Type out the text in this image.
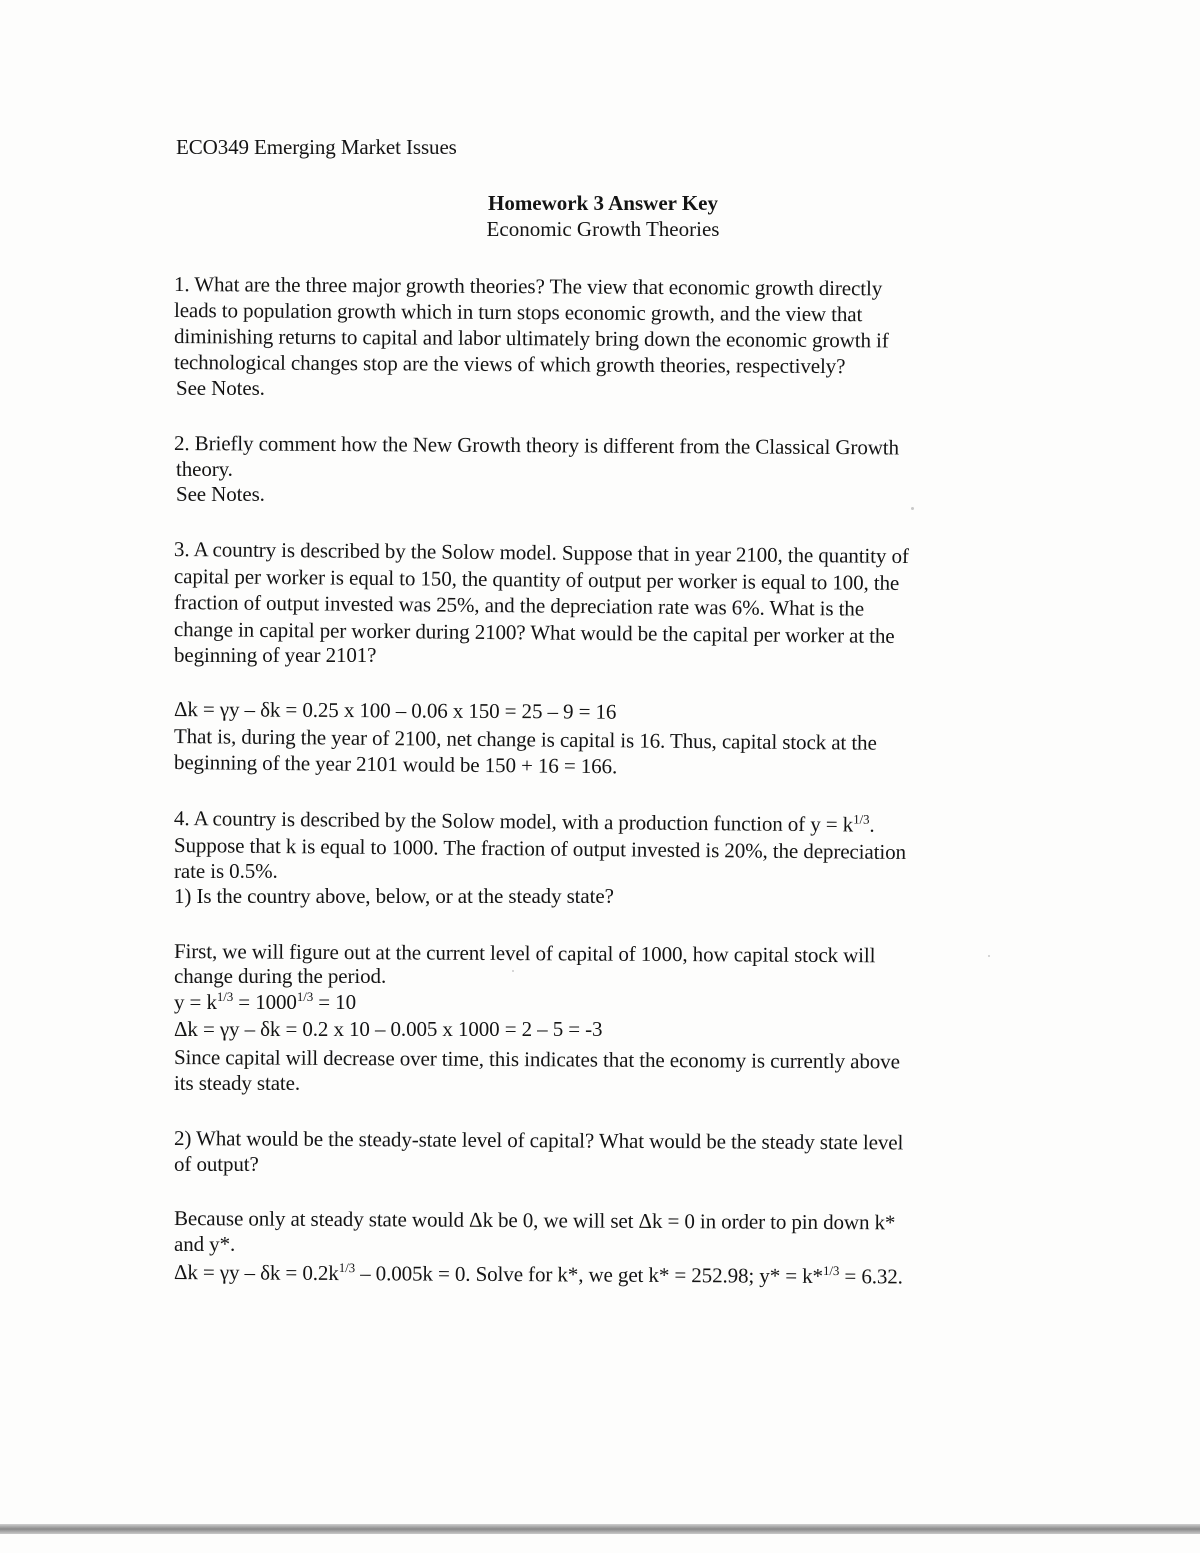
ECO349 Emerging Market Issues
Homework 3 Answer Key
Economic Growth Theories
1. What are the three major growth theories? The view that economic growth directly
leads to population growth which in turn stops economic growth, and the view that
diminishing returns to capital and labor ultimately bring down the economic growth if
technological changes stop are the views of which growth theories, respectively?
See Notes.
2. Briefly comment how the New Growth theory is different from the Classical Growth
theory.
See Notes.
3. A country is described by the Solow model. Suppose that in year 2100, the quantity of
capital per worker is equal to 150, the quantity of output per worker is equal to 100, the
fraction of output invested was 25%, and the depreciation rate was 6%. What is the
change in capital per worker during 2100? What would be the capital per worker at the
beginning of year 2101?
Δk = γy – δk = 0.25 x 100 – 0.06 x 150 = 25 – 9 = 16
That is, during the year of 2100, net change is capital is 16. Thus, capital stock at the
beginning of the year 2101 would be 150 + 16 = 166.
4. A country is described by the Solow model, with a production function of $y = k^{1/3}$.
Suppose that k is equal to 1000. The fraction of output invested is 20%, the depreciation
rate is 0.5%.
1) Is the country above, below, or at the steady state?
First, we will figure out at the current level of capital of 1000, how capital stock will
change during the period.
$y = k^{1/3} = 1000^{1/3} = 10$
Δk = γy – δk = 0.2 x 10 – 0.005 x 1000 = 2 – 5 = -3
Since capital will decrease over time, this indicates that the economy is currently above
its steady state.
2) What would be the steady-state level of capital? What would be the steady state level
of output?
Because only at steady state would Δk be 0, we will set Δk = 0 in order to pin down k*
and y*.
$\Delta k = \gamma y - \delta k = 0.2k^{1/3} - 0.005k = 0$. Solve for k*, we get k* = 252.98; y* = k*$^{1/3}$ = 6.32.
